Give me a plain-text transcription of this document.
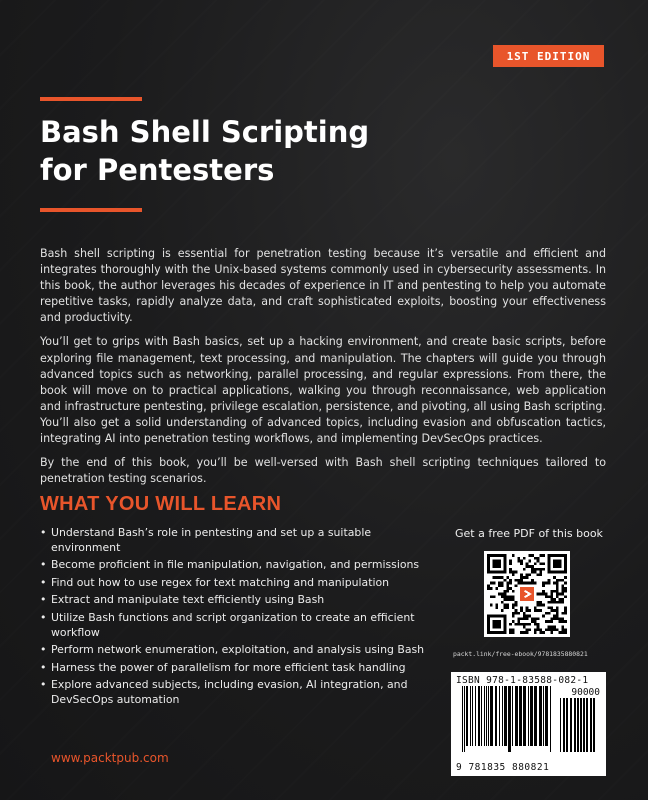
1ST EDITION
Bash Shell Scripting
for Pentesters

Bash shell scripting is essential for penetration testing because it’s versatile and efficient and integrates thoroughly with the Unix-based systems commonly used in cybersecurity assessments. In this book, the author leverages his decades of experience in IT and pentesting to help you automate repetitive tasks, rapidly analyze data, and craft sophisticated exploits, boosting your effectiveness and productivity.

You’ll get to grips with Bash basics, set up a hacking environment, and create basic scripts, before exploring file management, text processing, and manipulation. The chapters will guide you through advanced topics such as networking, parallel processing, and regular expressions. From there, the book will move on to practical applications, walking you through reconnaissance, web application and infrastructure pentesting, privilege escalation, persistence, and pivoting, all using Bash scripting. You’ll also get a solid understanding of advanced topics, including evasion and obfuscation tactics, integrating AI into penetration testing workflows, and implementing DevSecOps practices.

By the end of this book, you’ll be well-versed with Bash shell scripting techniques tailored to penetration testing scenarios.

WHAT YOU WILL LEARN
• Understand Bash’s role in pentesting and set up a suitable environment
• Become proficient in file manipulation, navigation, and permissions
• Find out how to use regex for text matching and manipulation
• Extract and manipulate text efficiently using Bash
• Utilize Bash functions and script organization to create an efficient workflow
• Perform network enumeration, exploitation, and analysis using Bash
• Harness the power of parallelism for more efficient task handling
• Explore advanced subjects, including evasion, AI integration, and DevSecOps automation
Get a free PDF of this book
packt.link/free-ebook/9781835880821
ISBN 978-1-83588-082-1
90000
9 781835 880821
www.packtpub.com
